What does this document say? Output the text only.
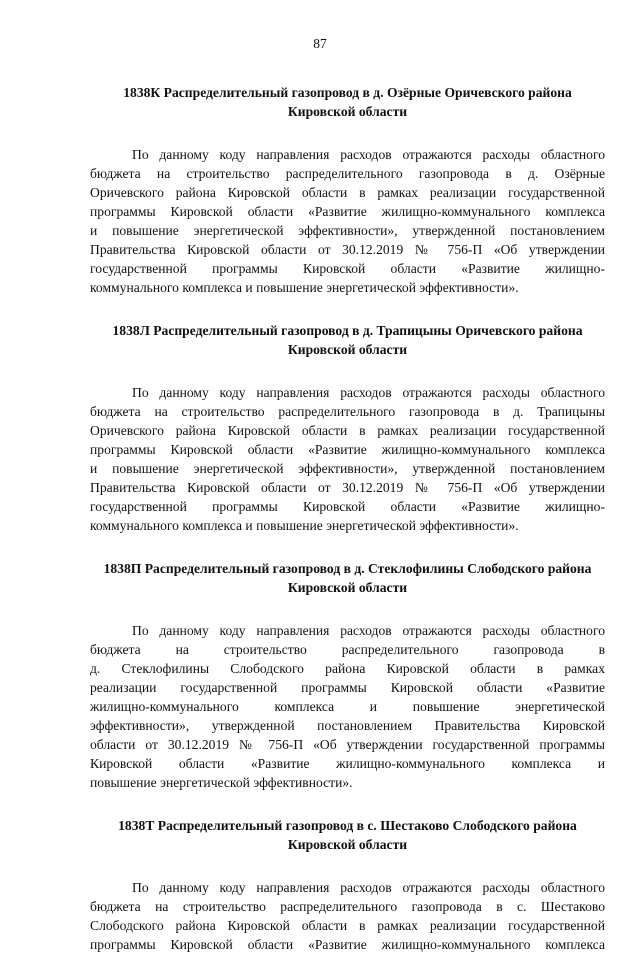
87
1838К Распределительный газопровод в д. Озёрные Оричевского района
Кировской области

По данному коду направления расходов отражаются расходы областного
бюджета на строительство распределительного газопровода в д. Озёрные
Оричевского района Кировской области в рамках реализации государственной
программы Кировской области «Развитие жилищно-коммунального комплекса
и повышение энергетической эффективности», утвержденной постановлением
Правительства Кировской области от 30.12.2019 № 756-П «Об утверждении
государственной программы Кировской области «Развитие жилищно-
коммунального комплекса и повышение энергетической эффективности».

1838Л Распределительный газопровод в д. Трапицыны Оричевского района
Кировской области

По данному коду направления расходов отражаются расходы областного
бюджета на строительство распределительного газопровода в д. Трапицыны
Оричевского района Кировской области в рамках реализации государственной
программы Кировской области «Развитие жилищно-коммунального комплекса
и повышение энергетической эффективности», утвержденной постановлением
Правительства Кировской области от 30.12.2019 № 756-П «Об утверждении
государственной программы Кировской области «Развитие жилищно-
коммунального комплекса и повышение энергетической эффективности».

1838П Распределительный газопровод в д. Стеклофилины Слободского района
Кировской области

По данному коду направления расходов отражаются расходы областного
бюджета на строительство распределительного газопровода в
д. Стеклофилины Слободского района Кировской области в рамках
реализации государственной программы Кировской области «Развитие
жилищно-коммунального комплекса и повышение энергетической
эффективности», утвержденной постановлением Правительства Кировской
области от 30.12.2019 № 756-П «Об утверждении государственной программы
Кировской области «Развитие жилищно-коммунального комплекса и
повышение энергетической эффективности».

1838Т Распределительный газопровод в с. Шестаково Слободского района
Кировской области

По данному коду направления расходов отражаются расходы областного
бюджета на строительство распределительного газопровода в с. Шестаково
Слободского района Кировской области в рамках реализации государственной
программы Кировской области «Развитие жилищно-коммунального комплекса
